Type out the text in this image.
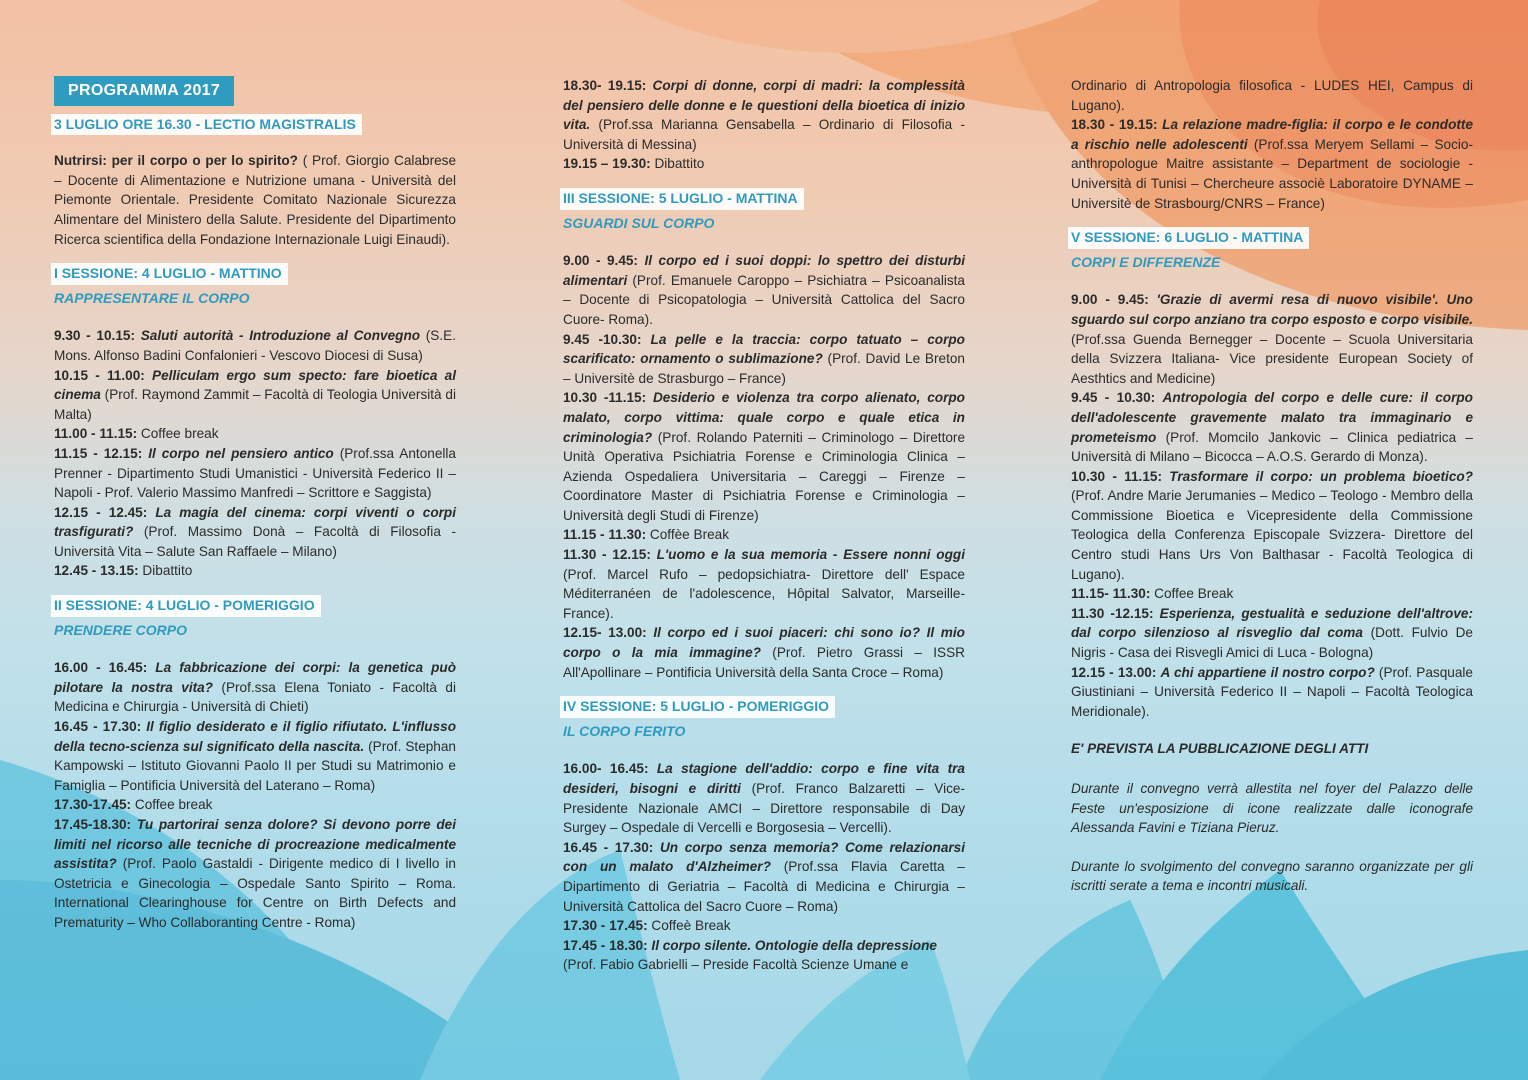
PROGRAMMA 2017
3 LUGLIO ORE 16.30 - LECTIO MAGISTRALIS

Nutrirsi: per il corpo o per lo spirito? ( Prof. Giorgio Calabrese – Docente di Alimentazione e Nutrizione umana - Università del Piemonte Orientale. Presidente Comitato Nazionale Sicurezza Alimentare del Ministero della Salute. Presidente del Dipartimento Ricerca scientifica della Fondazione Internazionale Luigi Einaudi).

I SESSIONE: 4 LUGLIO - MATTINO
RAPPRESENTARE IL CORPO

9.30 - 10.15: Saluti autorità - Introduzione al Convegno (S.E. Mons. Alfonso Badini Confalonieri - Vescovo Diocesi di Susa)

10.15 - 11.00: Pelliculam ergo sum specto: fare bioetica al cinema (Prof. Raymond Zammit – Facoltà di Teologia Università di Malta)

11.00 - 11.15: Coffee break

11.15 - 12.15: Il corpo nel pensiero antico (Prof.ssa Antonella Prenner - Dipartimento Studi Umanistici - Università Federico II – Napoli - Prof. Valerio Massimo Manfredi – Scrittore e Saggista)

12.15 - 12.45: La magia del cinema: corpi viventi o corpi trasfigurati? (Prof. Massimo Donà – Facoltà di Filosofia - Università Vita – Salute San Raffaele – Milano)

12.45 - 13.15: Dibattito

II SESSIONE: 4 LUGLIO - POMERIGGIO
PRENDERE CORPO

16.00 - 16.45: La fabbricazione dei corpi: la genetica può pilotare la nostra vita? (Prof.ssa Elena Toniato - Facoltà di Medicina e Chirurgia - Università di Chieti)

16.45 - 17.30: Il figlio desiderato e il figlio rifiutato. L'influsso della tecno-scienza sul significato della nascita. (Prof. Stephan Kampowski – Istituto Giovanni Paolo II per Studi su Matrimonio e Famiglia – Pontificia Università del Laterano – Roma)

17.30-17.45: Coffee break

17.45-18.30: Tu partorirai senza dolore? Si devono porre dei limiti nel ricorso alle tecniche di procreazione medicalmente assistita? (Prof. Paolo Gastaldi - Dirigente medico di I livello in Ostetricia e Ginecologia – Ospedale Santo Spirito – Roma. International Clearinghouse for Centre on Birth Defects and Prematurity – Who Collaboranting Centre - Roma)

18.30- 19.15: Corpi di donne, corpi di madri: la complessità del pensiero delle donne e le questioni della bioetica di inizio vita. (Prof.ssa Marianna Gensabella – Ordinario di Filosofia -Università di Messina)

19.15 – 19.30: Dibattito

III SESSIONE: 5 LUGLIO - MATTINA
SGUARDI SUL CORPO

9.00 - 9.45: Il corpo ed i suoi doppi: lo spettro dei disturbi alimentari (Prof. Emanuele Caroppo – Psichiatra – Psicoanalista – Docente di Psicopatologia – Università Cattolica del Sacro Cuore- Roma).

9.45 -10.30: La pelle e la traccia: corpo tatuato – corpo scarificato: ornamento o sublimazione? (Prof. David Le Breton – Universitè de Strasburgo – France)

10.30 -11.15: Desiderio e violenza tra corpo alienato, corpo malato, corpo vittima: quale corpo e quale etica in criminologia? (Prof. Rolando Paterniti – Criminologo – Direttore Unità Operativa Psichiatria Forense e Criminologia Clinica – Azienda Ospedaliera Universitaria – Careggi – Firenze – Coordinatore Master di Psichiatria Forense e Criminologia – Università degli Studi di Firenze)

11.15 - 11.30: Coffèe Break

11.30 - 12.15: L'uomo e la sua memoria - Essere nonni oggi (Prof. Marcel Rufo – pedopsichiatra- Direttore dell' Espace Méditerranéen de l'adolescence, Hôpital Salvator, Marseille-France).

12.15- 13.00: Il corpo ed i suoi piaceri: chi sono io? Il mio corpo o la mia immagine? (Prof. Pietro Grassi – ISSR All'Apollinare – Pontificia Università della Santa Croce – Roma)

IV SESSIONE: 5 LUGLIO - POMERIGGIO
IL CORPO FERITO

16.00- 16.45: La stagione dell'addio: corpo e fine vita tra desideri, bisogni e diritti (Prof. Franco Balzaretti – Vice-Presidente Nazionale AMCI – Direttore responsabile di Day Surgey – Ospedale di Vercelli e Borgosesia – Vercelli).

16.45 - 17.30: Un corpo senza memoria? Come relazionarsi con un malato d'Alzheimer? (Prof.ssa Flavia Caretta – Dipartimento di Geriatria – Facoltà di Medicina e Chirurgia – Università Cattolica del Sacro Cuore – Roma)

17.30 - 17.45: Coffeè Break

17.45 - 18.30: Il corpo silente. Ontologie della depressione
(Prof. Fabio Gabrielli – Preside Facoltà Scienze Umane e

Ordinario di Antropologia filosofica - LUDES HEI, Campus di Lugano).

18.30 - 19.15: La relazione madre-figlia: il corpo e le condotte a rischio nelle adolescenti (Prof.ssa Meryem Sellami – Socio-anthropologue Maitre assistante – Department de sociologie - Università di Tunisi – Chercheure associè Laboratoire DYNAME – Universitè de Strasbourg/CNRS – France)

V SESSIONE: 6 LUGLIO - MATTINA
CORPI E DIFFERENZE

9.00 - 9.45: 'Grazie di avermi resa di nuovo visibile'. Uno sguardo sul corpo anziano tra corpo esposto e corpo visibile. (Prof.ssa Guenda Bernegger – Docente – Scuola Universitaria della Svizzera Italiana- Vice presidente European Society of Aesthtics and Medicine)

9.45 - 10.30: Antropologia del corpo e delle cure: il corpo dell'adolescente gravemente malato tra immaginario e prometeismo (Prof. Momcilo Jankovic – Clinica pediatrica – Università di Milano – Bicocca – A.O.S. Gerardo di Monza).

10.30 - 11.15: Trasformare il corpo: un problema bioetico? (Prof. Andre Marie Jerumanies – Medico – Teologo - Membro della Commissione Bioetica e Vicepresidente della Commissione Teologica della Conferenza Episcopale Svizzera- Direttore del Centro studi Hans Urs Von Balthasar - Facoltà Teologica di Lugano).

11.15- 11.30: Coffee Break

11.30 -12.15: Esperienza, gestualità e seduzione dell'altrove: dal corpo silenzioso al risveglio dal coma (Dott. Fulvio De Nigris - Casa dei Risvegli Amici di Luca - Bologna)

12.15 - 13.00: A chi appartiene il nostro corpo? (Prof. Pasquale Giustiniani – Università Federico II – Napoli – Facoltà Teologica Meridionale).

E' PREVISTA LA PUBBLICAZIONE DEGLI ATTI
Durante il convegno verrà allestita nel foyer del Palazzo delle Feste un'esposizione di icone realizzate dalle iconografe Alessanda Favini e Tiziana Pieruz.
Durante lo svolgimento del convegno saranno organizzate per gli iscritti serate a tema e incontri musicali.
